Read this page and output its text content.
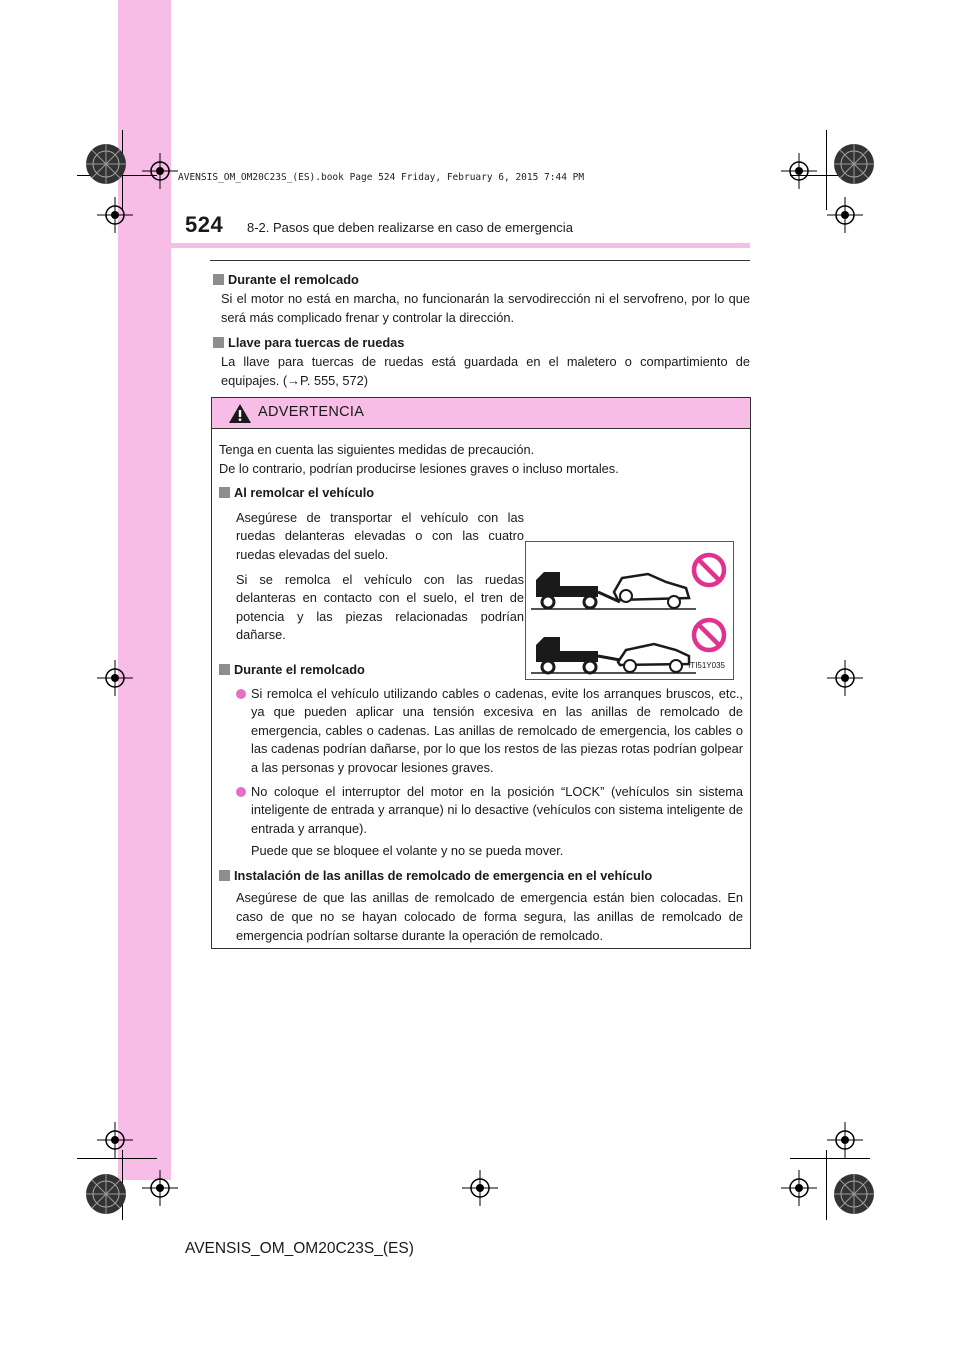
AVENSIS_OM_OM20C23S_(ES).book Page 524 Friday, February 6, 2015 7:44 PM
524 8-2. Pasos que deben realizarse en caso de emergencia
Durante el remolcado
Si el motor no está en marcha, no funcionarán la servodirección ni el servofreno, por lo que será más complicado frenar y controlar la dirección.
Llave para tuercas de ruedas
La llave para tuercas de ruedas está guardada en el maletero o compartimiento de equipajes. (→P. 555, 572)
ADVERTENCIA
Tenga en cuenta las siguientes medidas de precaución.
De lo contrario, podrían producirse lesiones graves o incluso mortales.
Al remolcar el vehículo
Asegúrese de transportar el vehículo con las ruedas delanteras elevadas o con las cuatro ruedas elevadas del suelo.
Si se remolca el vehículo con las ruedas delanteras en contacto con el suelo, el tren de potencia y las piezas relacionadas podrían dañarse.
ITI51Y035
Durante el remolcado
Si remolca el vehículo utilizando cables o cadenas, evite los arranques bruscos, etc., ya que pueden aplicar una tensión excesiva en las anillas de remolcado de emergencia, cables o cadenas. Las anillas de remolcado de emergencia, los cables o las cadenas podrían dañarse, por lo que los restos de las piezas rotas podrían golpear a las personas y provocar lesiones graves.
No coloque el interruptor del motor en la posición “LOCK” (vehículos sin sistema inteligente de entrada y arranque) ni lo desactive (vehículos con sistema inteligente de entrada y arranque).
Puede que se bloquee el volante y no se pueda mover.
Instalación de las anillas de remolcado de emergencia en el vehículo
Asegúrese de que las anillas de remolcado de emergencia están bien colocadas. En caso de que no se hayan colocado de forma segura, las anillas de remolcado de emergencia podrían soltarse durante la operación de remolcado.
AVENSIS_OM_OM20C23S_(ES)
